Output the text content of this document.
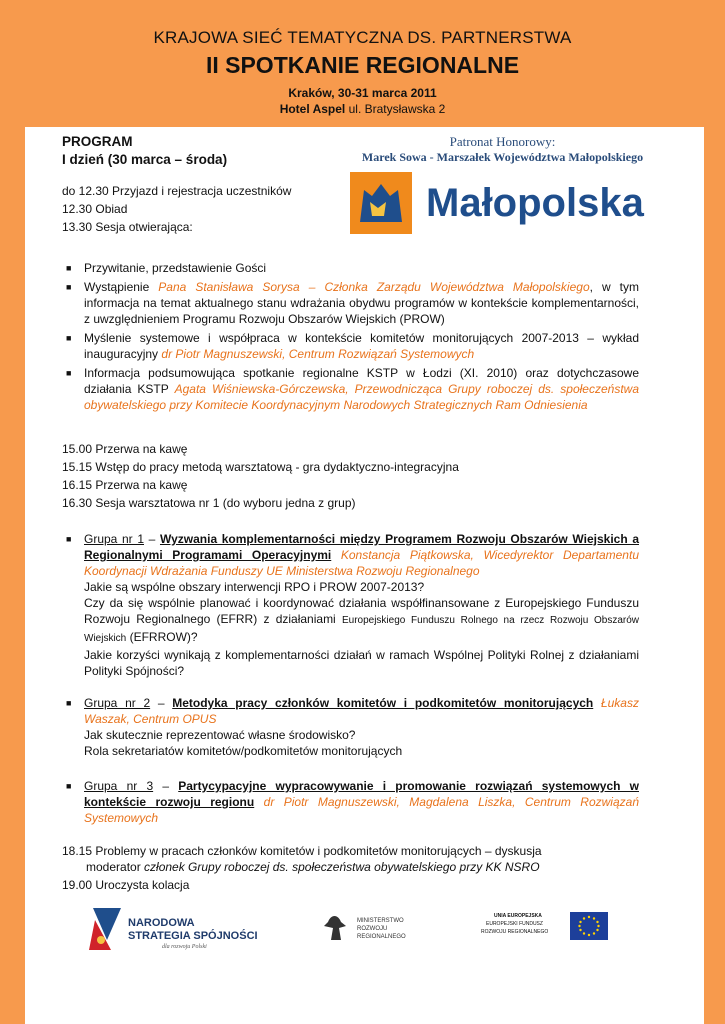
KRAJOWA SIEĆ TEMATYCZNA DS. PARTNERSTWA
II SPOTKANIE REGIONALNE
Kraków, 30-31 marca 2011
Hotel Aspel ul. Bratysławska 2
PROGRAM
I dzień (30 marca – środa)
Patronat Honorowy:
Marek Sowa - Marszałek Województwa Małopolskiego
Małopolska
do 12.30 Przyjazd i rejestracja uczestników
12.30 Obiad
13.30 Sesja otwierająca:
■ Przywitanie, przedstawienie Gości
■ Wystąpienie Pana Stanisława Sorysa – Członka Zarządu Województwa Małopolskiego, w tym informacja na temat aktualnego stanu wdrażania obydwu programów w kontekście komplementarności, z uwzględnieniem Programu Rozwoju Obszarów Wiejskich (PROW)
■ Myślenie systemowe i współpraca w kontekście komitetów monitorujących 2007-2013 – wykład inauguracyjny dr Piotr Magnuszewski, Centrum Rozwiązań Systemowych
■ Informacja podsumowująca spotkanie regionalne KSTP w Łodzi (XI. 2010) oraz dotychczasowe działania KSTP Agata Wiśniewska-Górczewska, Przewodnicząca Grupy roboczej ds. społeczeństwa obywatelskiego przy Komitecie Koordynacyjnym Narodowych Strategicznych Ram Odniesienia
15.00 Przerwa na kawę
15.15 Wstęp do pracy metodą warsztatową - gra dydaktyczno-integracyjna
16.15 Przerwa na kawę
16.30 Sesja warsztatowa nr 1 (do wyboru jedna z grup)
■ Grupa nr 1 – Wyzwania komplementarności między Programem Rozwoju Obszarów Wiejskich a Regionalnymi Programami Operacyjnymi Konstancja Piątkowska, Wicedyrektor Departamentu Koordynacji Wdrażania Funduszy UE Ministerstwa Rozwoju Regionalnego
Jakie są wspólne obszary interwencji RPO i PROW 2007-2013?
Czy da się wspólnie planować i koordynować działania współfinansowane z Europejskiego Funduszu Rozwoju Regionalnego (EFRR) z działaniami Europejskiego Funduszu Rolnego na rzecz Rozwoju Obszarów Wiejskich (EFRROW)?
Jakie korzyści wynikają z komplementarności działań w ramach Wspólnej Polityki Rolnej z działaniami Polityki Spójności?
■ Grupa nr 2 – Metodyka pracy członków komitetów i podkomitetów monitorujących Łukasz Waszak, Centrum OPUS
Jak skutecznie reprezentować własne środowisko?
Rola sekretariatów komitetów/podkomitetów monitorujących
■ Grupa nr 3 – Partycypacyjne wypracowywanie i promowanie rozwiązań systemowych w kontekście rozwoju regionu dr Piotr Magnuszewski, Magdalena Liszka, Centrum Rozwiązań Systemowych
18.15 Problemy w pracach członków komitetów i podkomitetów monitorujących – dyskusja
moderator członek Grupy roboczej ds. społeczeństwa obywatelskiego przy KK NSRO
19.00 Uroczysta kolacja
NARODOWA
STRATEGIA SPÓJNOŚCI
dla rozwoju Polski
MINISTERSTWO
ROZWOJU
REGIONALNEGO
UNIA EUROPEJSKA
EUROPEJSKI FUNDUSZ
ROZWOJU REGIONALNEGO
